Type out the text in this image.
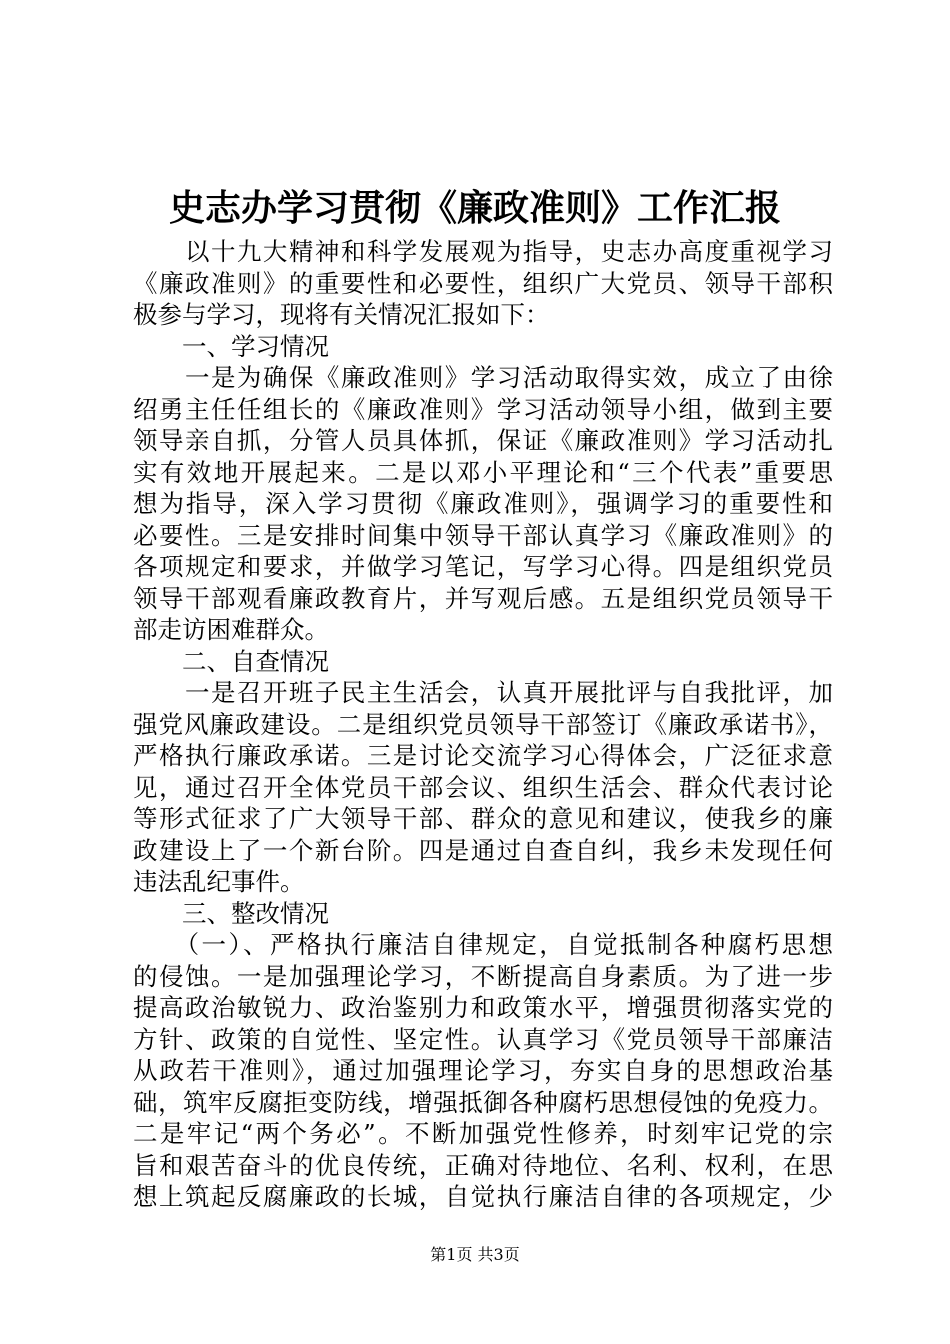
史志办学习贯彻《廉政准则》工作汇报
　　以十九大精神和科学发展观为指导，史志办高度重视学习
《廉政准则》的重要性和必要性，组织广大党员、领导干部积
极参与学习，现将有关情况汇报如下：
　　一、学习情况
　　一是为确保《廉政准则》学习活动取得实效，成立了由徐
绍勇主任任组长的《廉政准则》学习活动领导小组，做到主要
领导亲自抓，分管人员具体抓，保证《廉政准则》学习活动扎
实有效地开展起来。二是以邓小平理论和“三个代表”重要思
想为指导，深入学习贯彻《廉政准则》，强调学习的重要性和
必要性。三是安排时间集中领导干部认真学习《廉政准则》的
各项规定和要求，并做学习笔记，写学习心得。四是组织党员
领导干部观看廉政教育片，并写观后感。五是组织党员领导干
部走访困难群众。
　　二、自查情况
　　一是召开班子民主生活会，认真开展批评与自我批评，加
强党风廉政建设。二是组织党员领导干部签订《廉政承诺书》，
严格执行廉政承诺。三是讨论交流学习心得体会，广泛征求意
见，通过召开全体党员干部会议、组织生活会、群众代表讨论
等形式征求了广大领导干部、群众的意见和建议，使我乡的廉
政建设上了一个新台阶。四是通过自查自纠，我乡未发现任何
违法乱纪事件。
　　三、整改情况
　　（一）、严格执行廉洁自律规定，自觉抵制各种腐朽思想
的侵蚀。一是加强理论学习，不断提高自身素质。为了进一步
提高政治敏锐力、政治鉴别力和政策水平，增强贯彻落实党的
方针、政策的自觉性、坚定性。认真学习《党员领导干部廉洁
从政若干准则》，通过加强理论学习，夯实自身的思想政治基
础，筑牢反腐拒变防线，增强抵御各种腐朽思想侵蚀的免疫力。
二是牢记“两个务必”。不断加强党性修养，时刻牢记党的宗
旨和艰苦奋斗的优良传统，正确对待地位、名利、权利，在思
想上筑起反腐廉政的长城，自觉执行廉洁自律的各项规定，少
第1页 共3页
